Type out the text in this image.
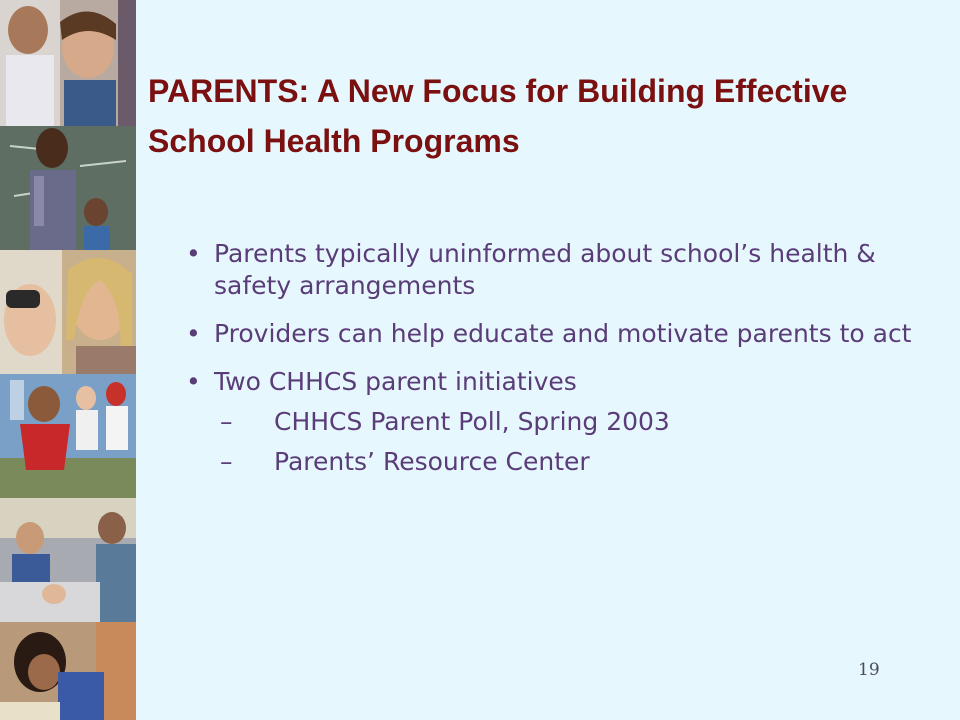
PARENTS: A New Focus for Building Effective School Health Programs
• Parents typically uninformed about school’s health & safety arrangements
• Providers can help educate and motivate parents to act
• Two CHHCS parent initiatives
– CHHCS Parent Poll, Spring 2003
– Parents’ Resource Center
19
